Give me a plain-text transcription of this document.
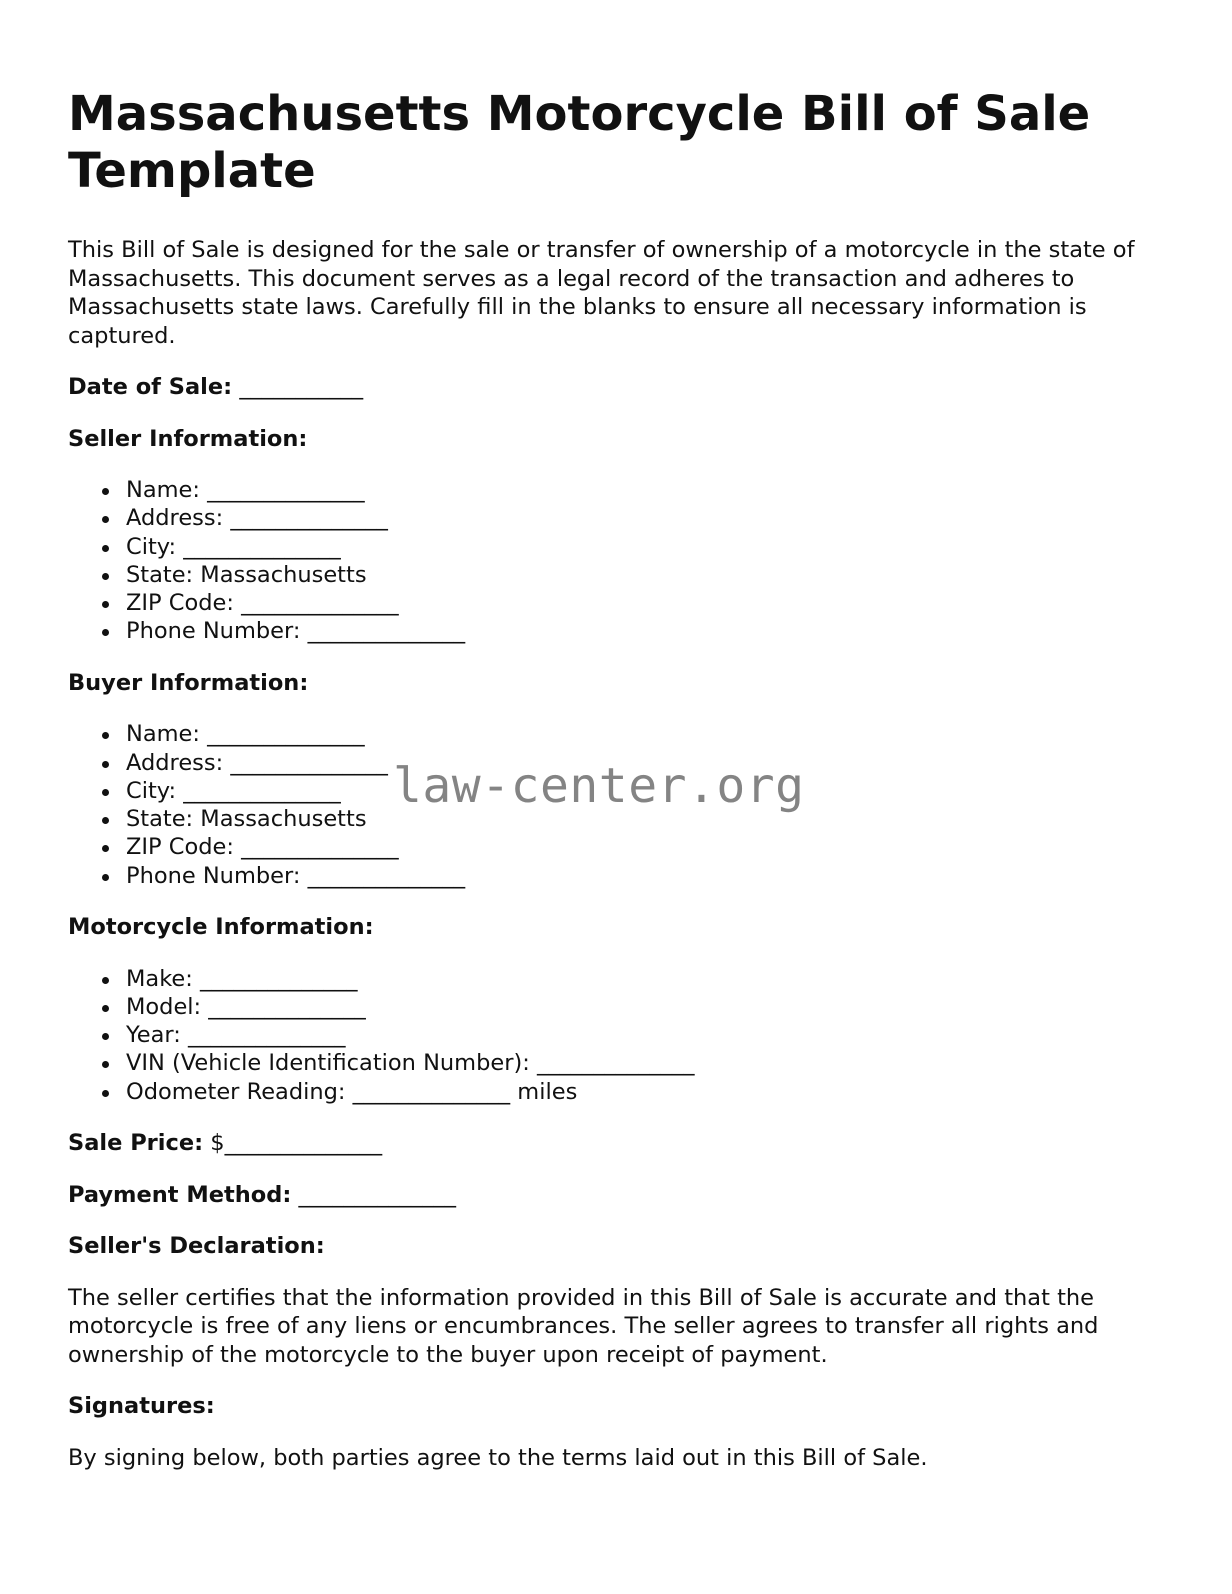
Massachusetts Motorcycle Bill of Sale Template

This Bill of Sale is designed for the sale or transfer of ownership of a motorcycle in the state of Massachusetts. This document serves as a legal record of the transaction and adheres to Massachusetts state laws. Carefully fill in the blanks to ensure all necessary information is captured.

Date of Sale: ___________
Seller Information:
Name: ______________
Address: ______________
City: ______________
State: Massachusetts
ZIP Code: ______________
Phone Number: ______________
Buyer Information:
Name: ______________
Address: ______________
City: ______________
State: Massachusetts
ZIP Code: ______________
Phone Number: ______________
Motorcycle Information:
Make: ______________
Model: ______________
Year: ______________
VIN (Vehicle Identification Number): ______________
Odometer Reading: ______________ miles
Sale Price: $______________
Payment Method: ______________
Seller's Declaration:

The seller certifies that the information provided in this Bill of Sale is accurate and that the motorcycle is free of any liens or encumbrances. The seller agrees to transfer all rights and ownership of the motorcycle to the buyer upon receipt of payment.

Signatures:

By signing below, both parties agree to the terms laid out in this Bill of Sale.

law-center.org
